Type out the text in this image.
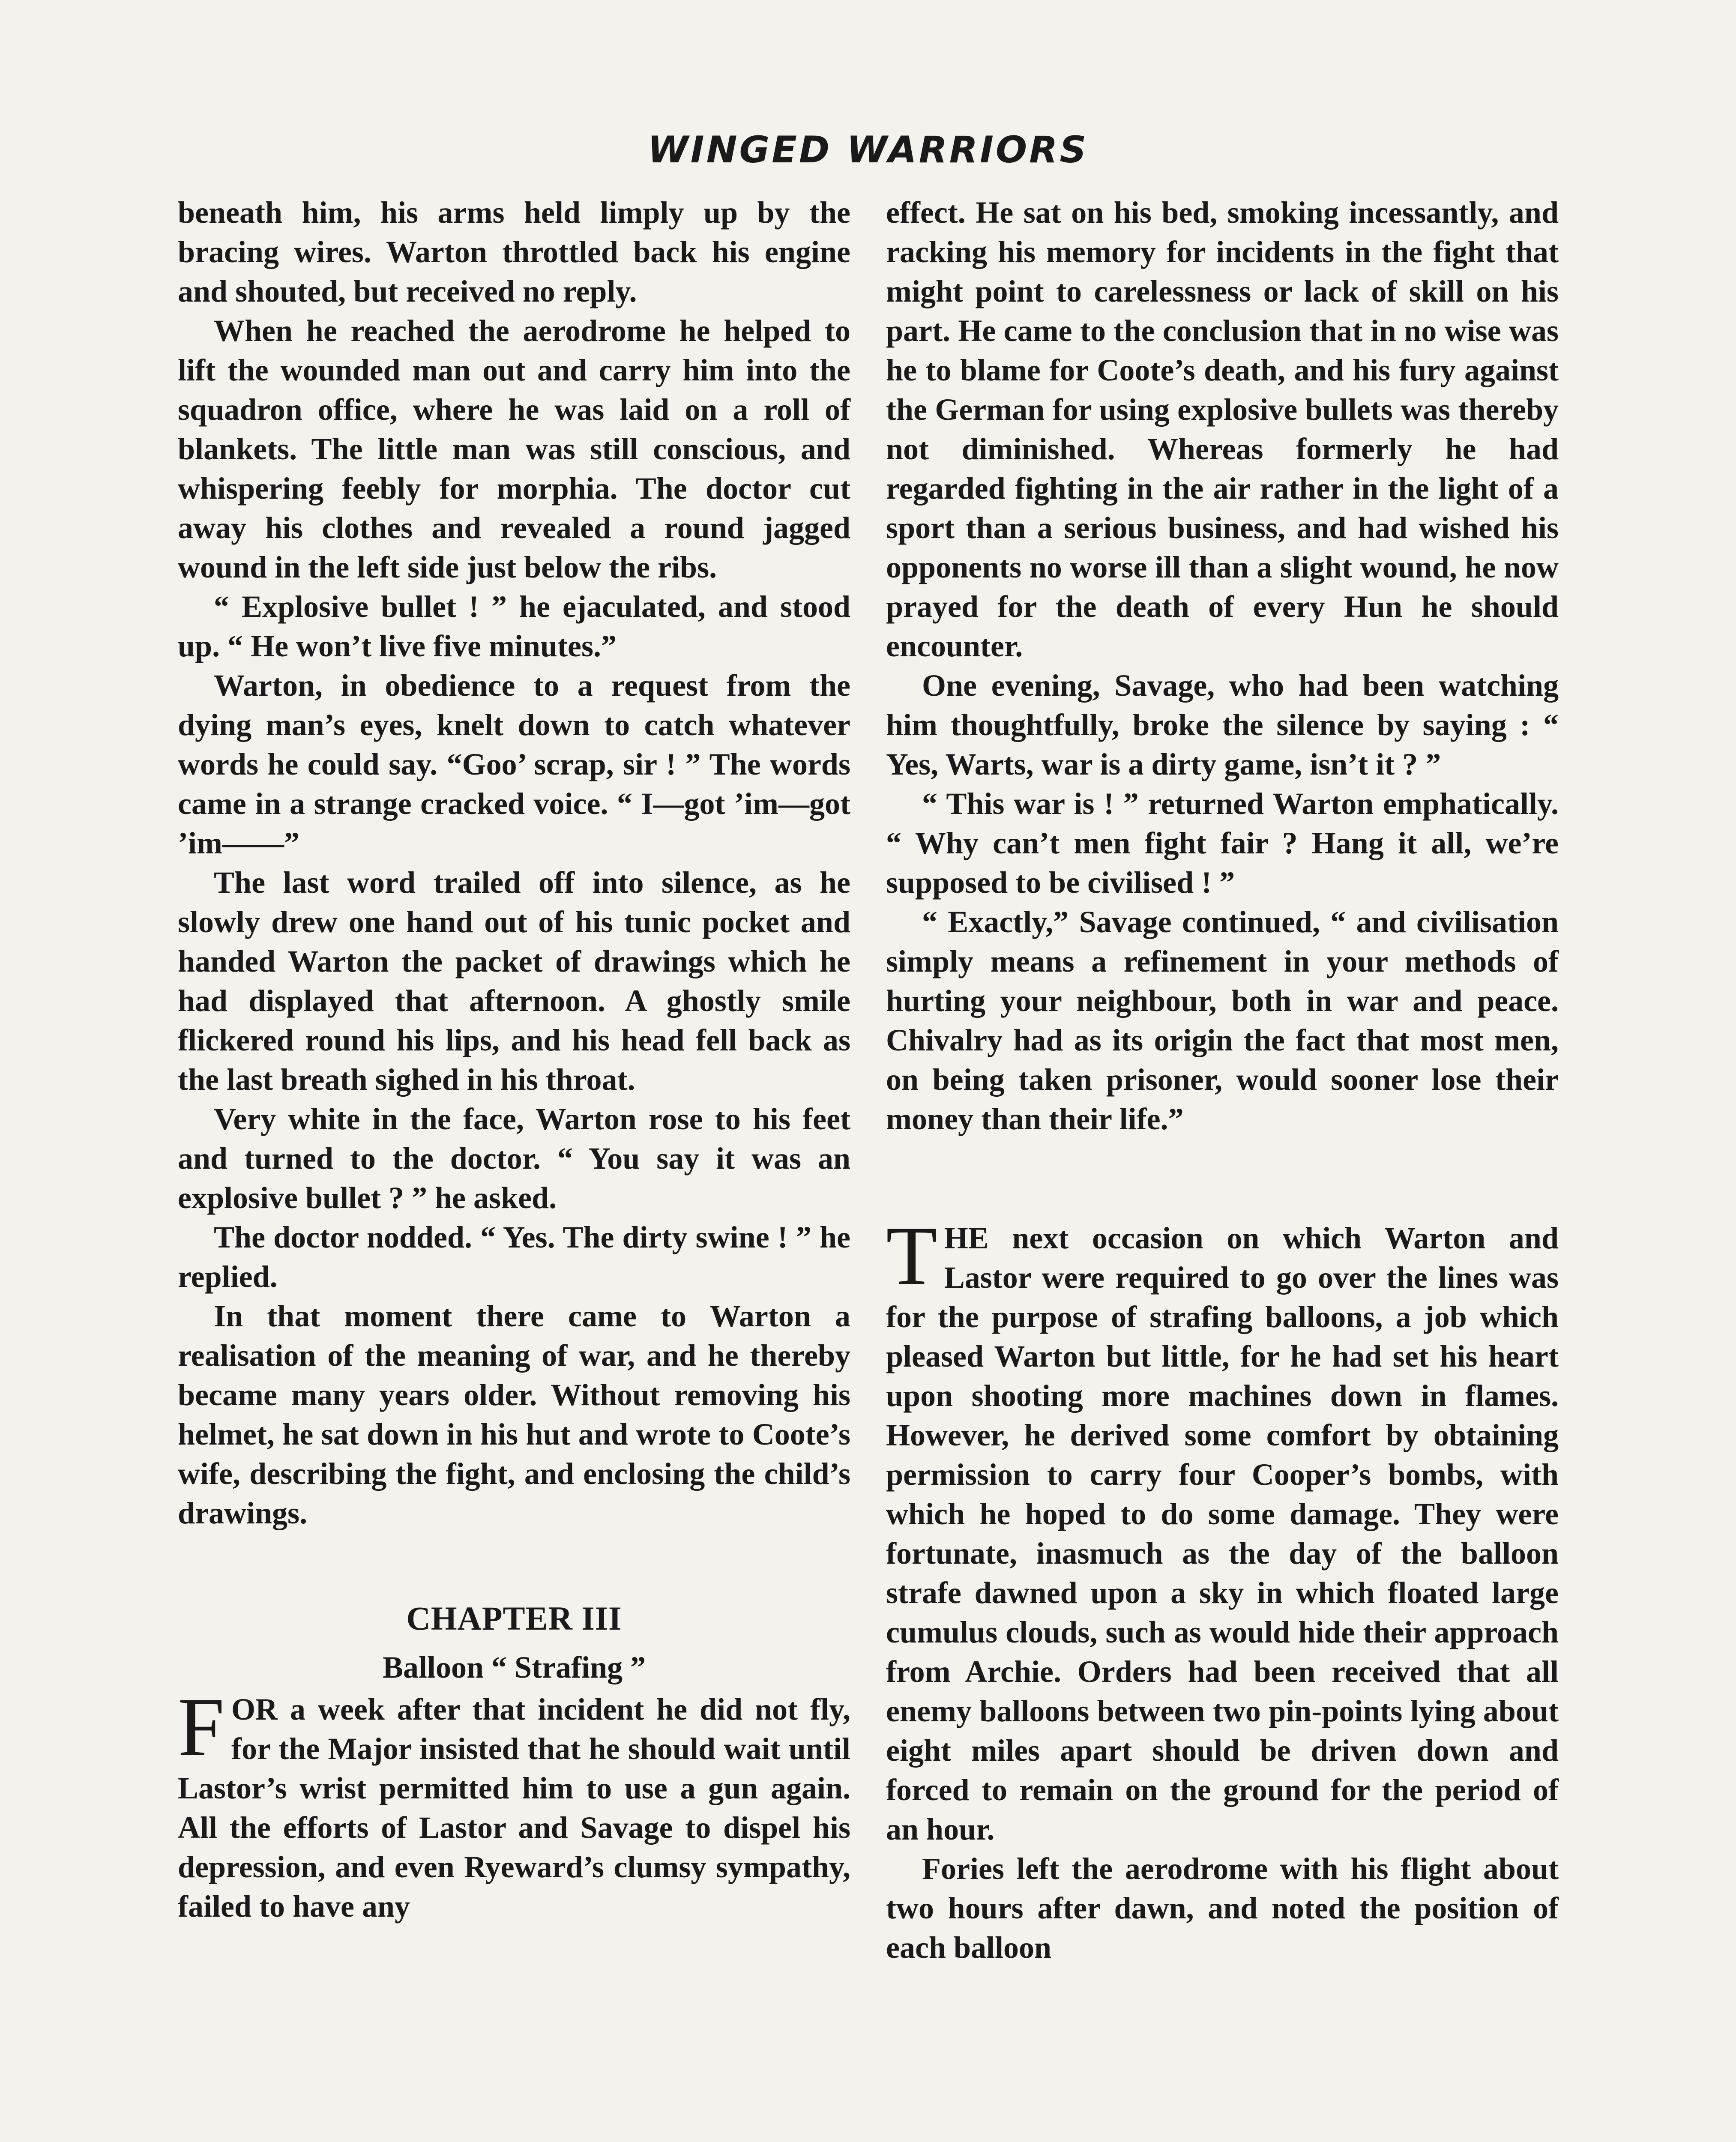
WINGED WARRIORS

beneath him, his arms held limply up by the bracing wires. Warton throttled back his engine and shouted, but received no reply.

When he reached the aerodrome he helped to lift the wounded man out and carry him into the squadron office, where he was laid on a roll of blankets. The little man was still conscious, and whispering feebly for morphia. The doctor cut away his clothes and revealed a round jagged wound in the left side just below the ribs.

“ Explosive bullet ! ” he ejaculated, and stood up. “ He won’t live five minutes.”

Warton, in obedience to a request from the dying man’s eyes, knelt down to catch whatever words he could say. “Goo’ scrap, sir ! ” The words came in a strange cracked voice. “ I—got ’im—got ’im——”

The last word trailed off into silence, as he slowly drew one hand out of his tunic pocket and handed Warton the packet of drawings which he had displayed that afternoon. A ghostly smile flickered round his lips, and his head fell back as the last breath sighed in his throat.

Very white in the face, Warton rose to his feet and turned to the doctor. “ You say it was an explosive bullet ? ” he asked.

The doctor nodded. “ Yes. The dirty swine ! ” he replied.

In that moment there came to Warton a realisation of the meaning of war, and he thereby became many years older. Without removing his helmet, he sat down in his hut and wrote to Coote’s wife, describing the fight, and enclosing the child’s drawings.

CHAPTER III
Balloon “ Strafing ”

FOR a week after that incident he did not fly, for the Major insisted that he should wait until Lastor’s wrist permitted him to use a gun again. All the efforts of Lastor and Savage to dispel his depression, and even Ryeward’s clumsy sympathy, failed to have any

effect. He sat on his bed, smoking incessantly, and racking his memory for incidents in the fight that might point to carelessness or lack of skill on his part. He came to the conclusion that in no wise was he to blame for Coote’s death, and his fury against the German for using explosive bullets was thereby not diminished. Whereas formerly he had regarded fighting in the air rather in the light of a sport than a serious business, and had wished his opponents no worse ill than a slight wound, he now prayed for the death of every Hun he should encounter.

One evening, Savage, who had been watching him thoughtfully, broke the silence by saying : “ Yes, Warts, war is a dirty game, isn’t it ? ”

“ This war is ! ” returned Warton emphatically. “ Why can’t men fight fair ? Hang it all, we’re supposed to be civilised ! ”

“ Exactly,” Savage continued, “ and civilisation simply means a refinement in your methods of hurting your neighbour, both in war and peace. Chivalry had as its origin the fact that most men, on being taken prisoner, would sooner lose their money than their life.”

THE next occasion on which Warton and Lastor were required to go over the lines was for the purpose of strafing balloons, a job which pleased Warton but little, for he had set his heart upon shooting more machines down in flames. However, he derived some comfort by obtaining permission to carry four Cooper’s bombs, with which he hoped to do some damage. They were fortunate, inasmuch as the day of the balloon strafe dawned upon a sky in which floated large cumulus clouds, such as would hide their approach from Archie. Orders had been received that all enemy balloons between two pin-points lying about eight miles apart should be driven down and forced to remain on the ground for the period of an hour.

Fories left the aerodrome with his flight about two hours after dawn, and noted the position of each balloon
